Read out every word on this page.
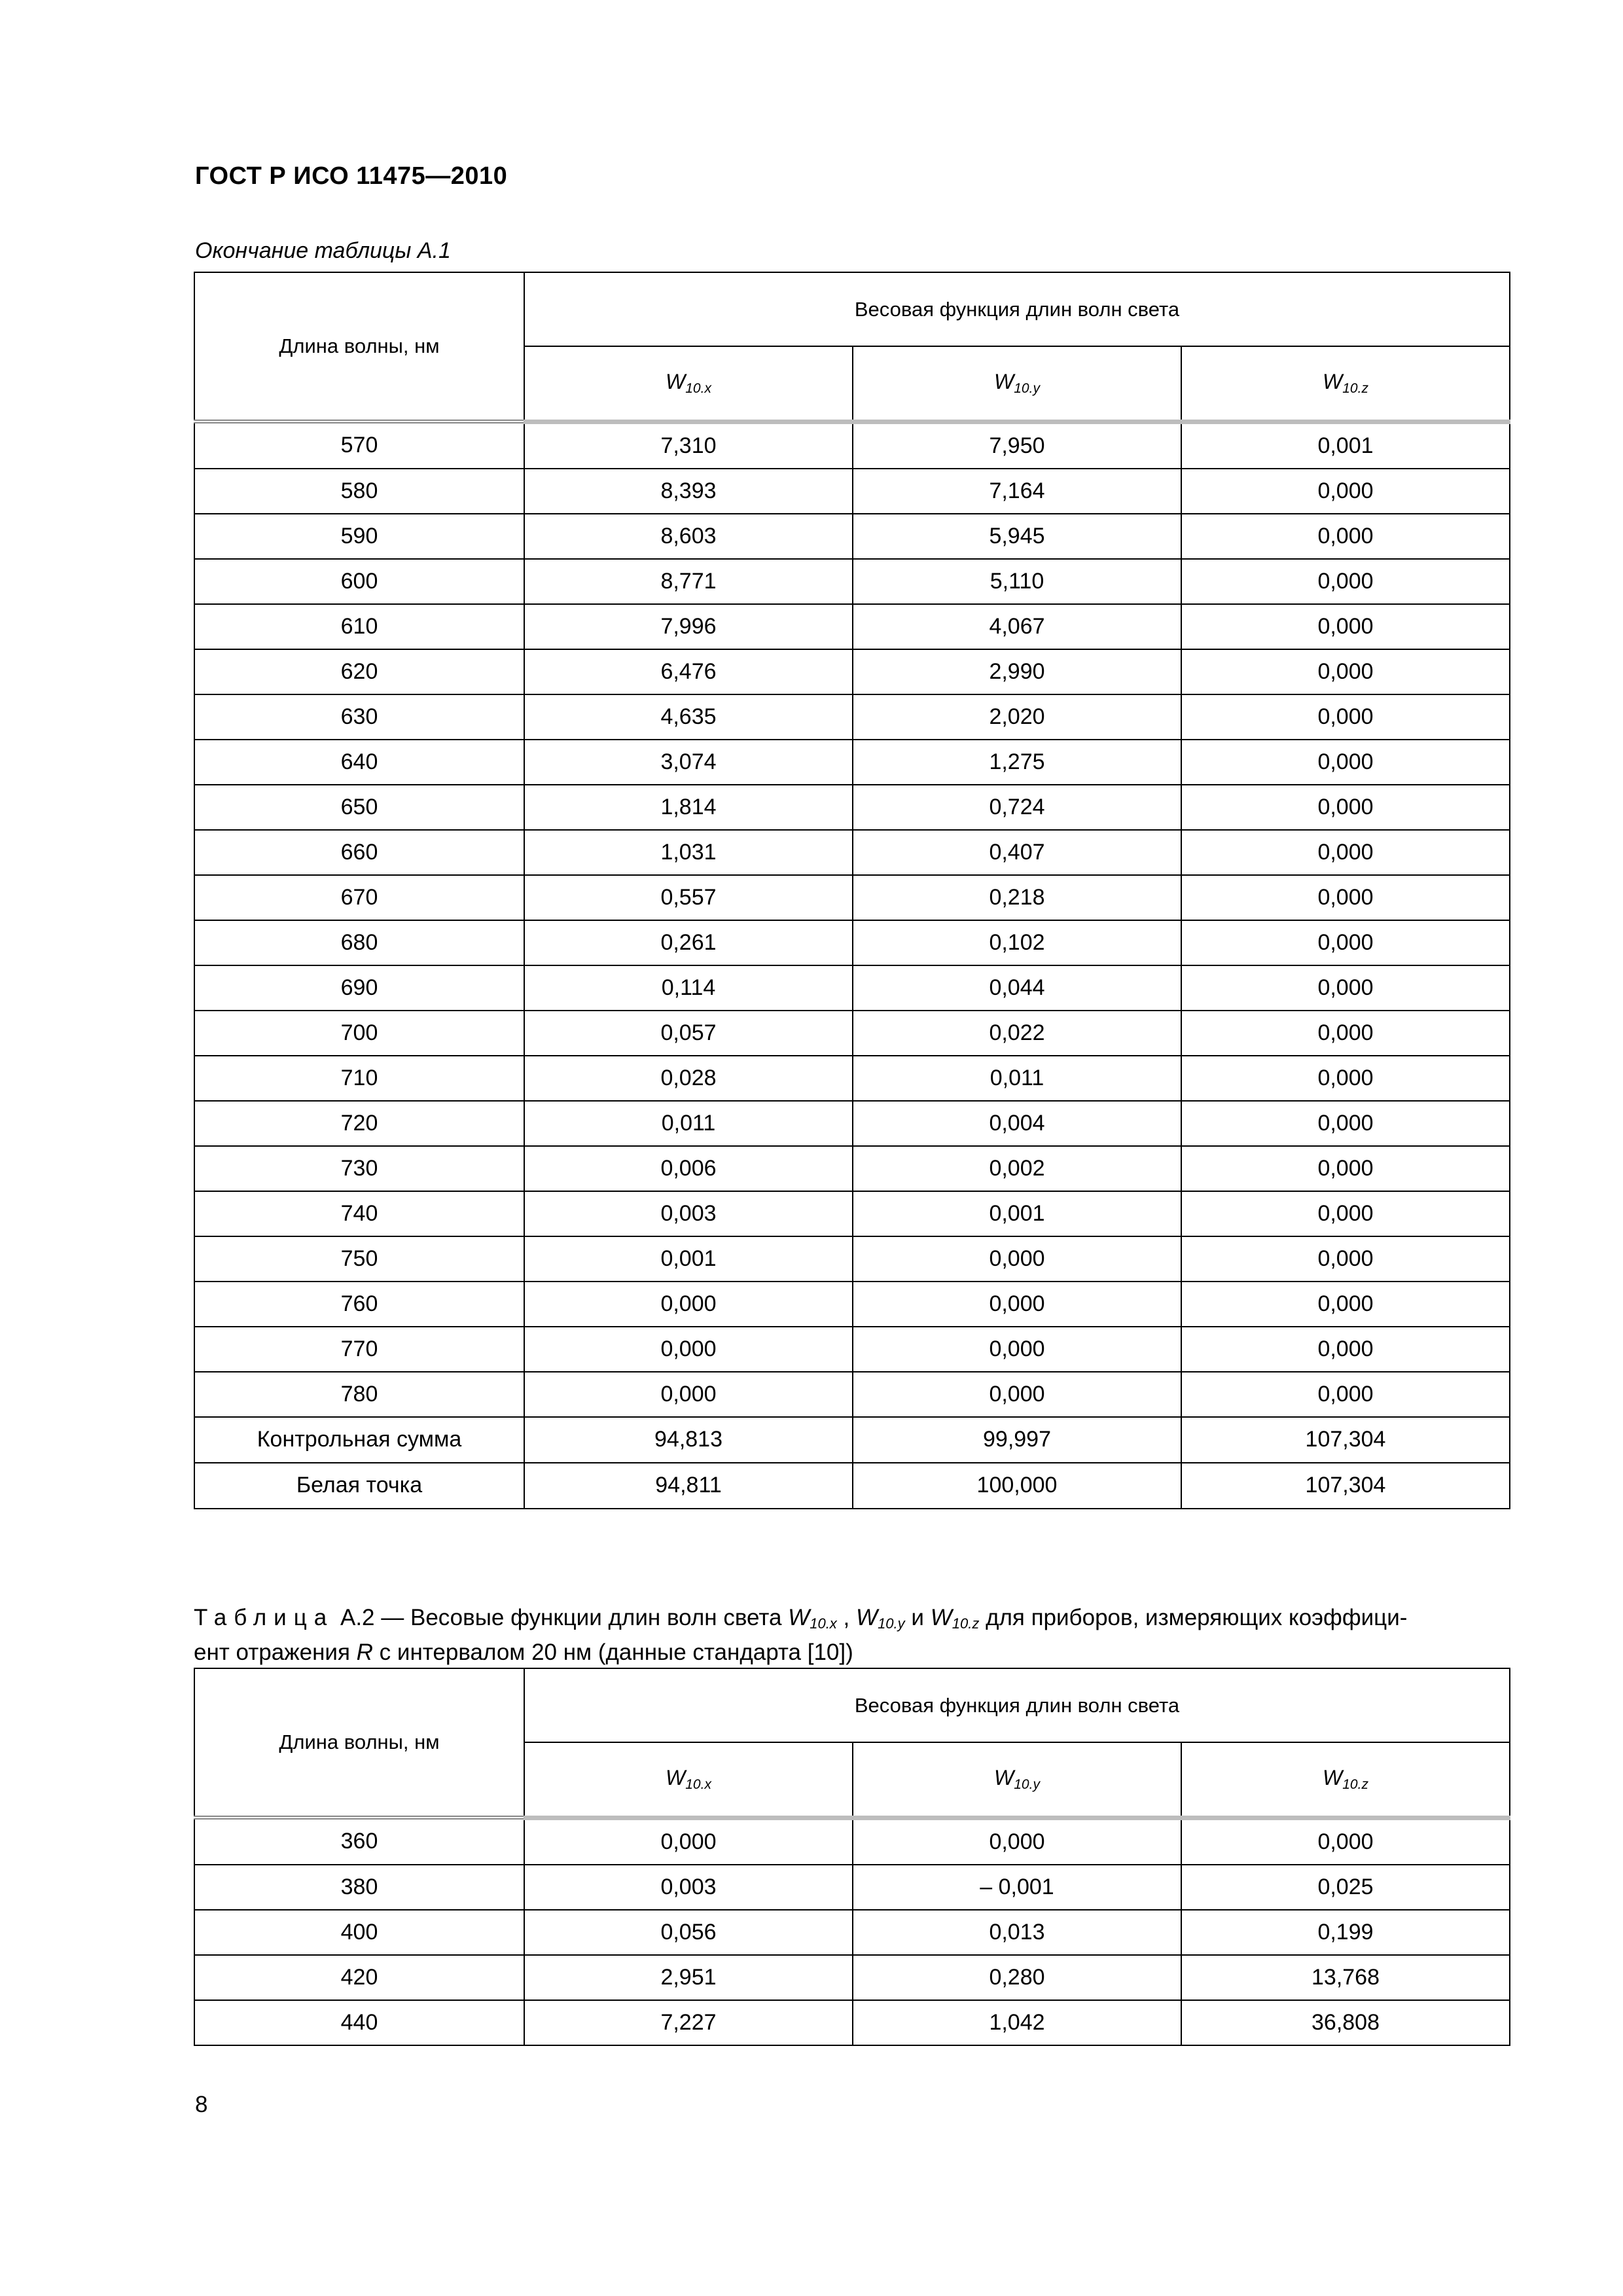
ГОСТ Р ИСО 11475—2010
Окончание таблицы А.1
Длина волны, нм	Весовая функция длин волн света		
	$W_{10.x}$	$W_{10.y}$	$W_{10.z}$
570	7,310	7,950	0,001
580	8,393	7,164	0,000
590	8,603	5,945	0,000
600	8,771	5,110	0,000
610	7,996	4,067	0,000
620	6,476	2,990	0,000
630	4,635	2,020	0,000
640	3,074	1,275	0,000
650	1,814	0,724	0,000
660	1,031	0,407	0,000
670	0,557	0,218	0,000
680	0,261	0,102	0,000
690	0,114	0,044	0,000
700	0,057	0,022	0,000
710	0,028	0,011	0,000
720	0,011	0,004	0,000
730	0,006	0,002	0,000
740	0,003	0,001	0,000
750	0,001	0,000	0,000
760	0,000	0,000	0,000
770	0,000	0,000	0,000
780	0,000	0,000	0,000
Контрольная сумма	94,813	99,997	107,304
Белая точка	94,811	100,000	107,304
Таблица А.2 — Весовые функции длин волн света $W_{10.x}$ , $W_{10.y}$ и $W_{10.z}$ для приборов, измеряющих коэффици-
ент отражения R с интервалом 20 нм (данные стандарта [10])
Длина волны, нм	Весовая функция длин волн света		
	$W_{10.x}$	$W_{10.y}$	$W_{10.z}$
360	0,000	0,000	0,000
380	0,003	– 0,001	0,025
400	0,056	0,013	0,199
420	2,951	0,280	13,768
440	7,227	1,042	36,808
8
